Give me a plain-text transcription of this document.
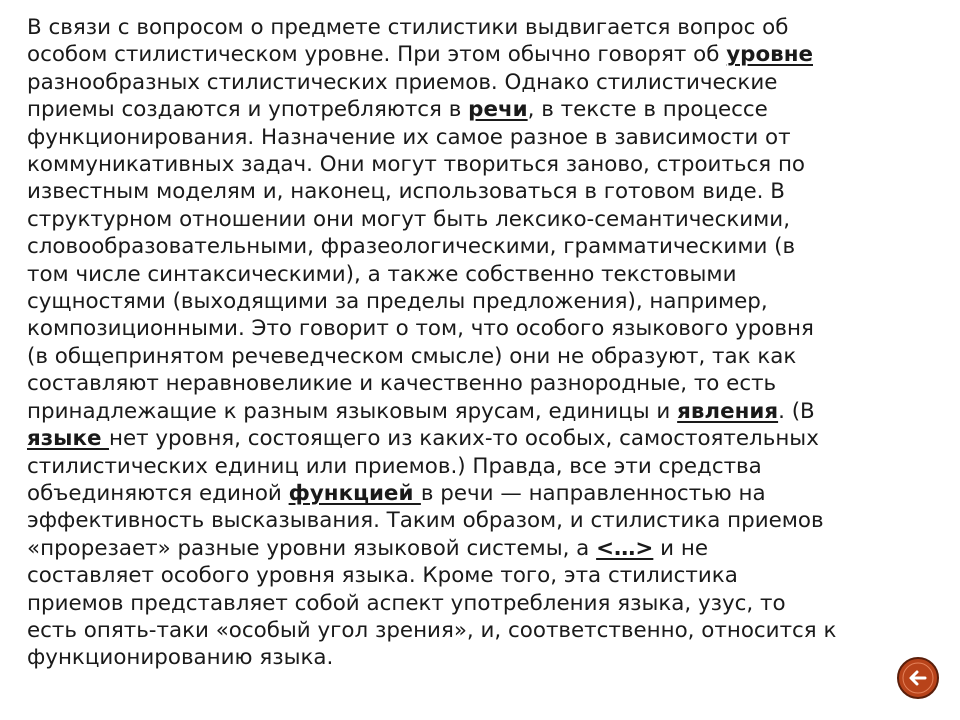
В связи с вопросом о предмете стилистики выдвигается вопрос об
особом стилистическом уровне. При этом обычно говорят об уровне
разнообразных стилистических приемов. Однако стилистические
приемы создаются и употребляются в речи, в тексте в процессе
функционирования. Назначение их самое разное в зависимости от
коммуникативных задач. Они могут твориться заново, строиться по
известным моделям и, наконец, использоваться в готовом виде. В
структурном отношении они могут быть лексико-семантическими,
словообразовательными, фразеологическими, грамматическими (в
том числе синтаксическими), а также собственно текстовыми
сущностями (выходящими за пределы предложения), например,
композиционными. Это говорит о том, что особого языкового уровня
(в общепринятом речеведческом смысле) они не образуют, так как
составляют неравновеликие и качественно разнородные, то есть
принадлежащие к разным языковым ярусам, единицы и явления. (В
языке нет уровня, состоящего из каких-то особых, самостоятельных
стилистических единиц или приемов.) Правда, все эти средства
объединяются единой функцией в речи — направленностью на
эффективность высказывания. Таким образом, и стилистика приемов
«прорезает» разные уровни языковой системы, а <…> и не
составляет особого уровня языка. Кроме того, эта стилистика
приемов представляет собой аспект употребления языка, узус, то
есть опять-таки «особый угол зрения», и, соответственно, относится к
функционированию языка.
